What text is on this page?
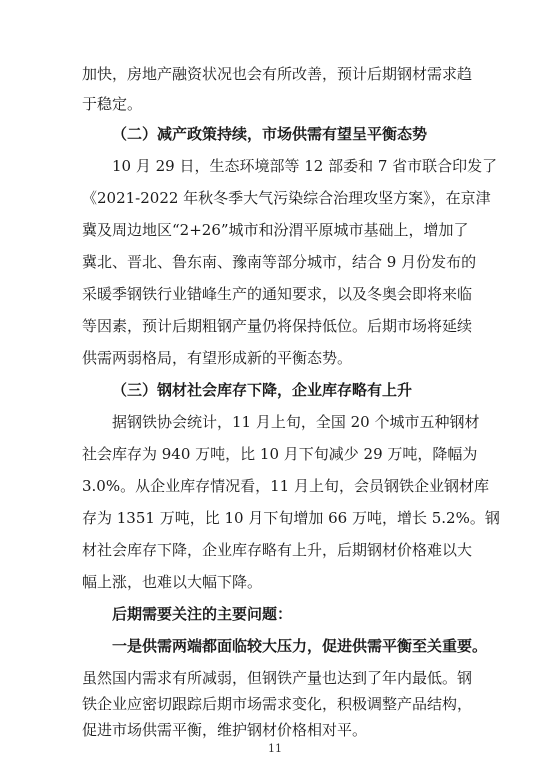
加快，房地产融资状况也会有所改善，预计后期钢材需求趋
于稳定。
（二）减产政策持续，市场供需有望呈平衡态势
10 月 29 日，生态环境部等 12 部委和 7 省市联合印发了
《2021-2022 年秋冬季大气污染综合治理攻坚方案》，在京津
冀及周边地区“2+26”城市和汾渭平原城市基础上，增加了
冀北、晋北、鲁东南、豫南等部分城市，结合 9 月份发布的
采暖季钢铁行业错峰生产的通知要求，以及冬奥会即将来临
等因素，预计后期粗钢产量仍将保持低位。后期市场将延续
供需两弱格局，有望形成新的平衡态势。
（三）钢材社会库存下降，企业库存略有上升
据钢铁协会统计，11 月上旬，全国 20 个城市五种钢材
社会库存为 940 万吨，比 10 月下旬减少 29 万吨，降幅为
3.0%。从企业库存情况看，11 月上旬，会员钢铁企业钢材库
存为 1351 万吨，比 10 月下旬增加 66 万吨，增长 5.2%。钢
材社会库存下降，企业库存略有上升，后期钢材价格难以大
幅上涨，也难以大幅下降。
后期需要关注的主要问题：
一是供需两端都面临较大压力，促进供需平衡至关重要。
虽然国内需求有所减弱，但钢铁产量也达到了年内最低。钢
铁企业应密切跟踪后期市场需求变化，积极调整产品结构，
促进市场供需平衡，维护钢材价格相对平。
11
